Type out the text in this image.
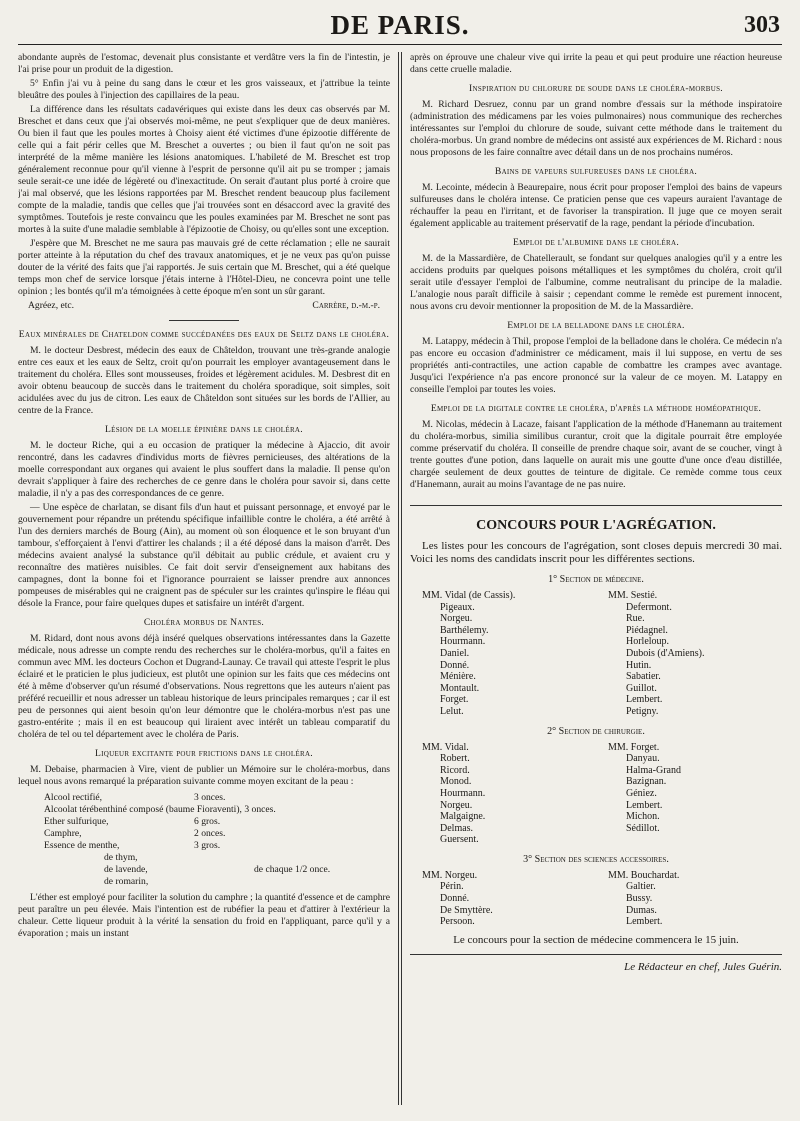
DE PARIS.	303

abondante auprès de l'estomac, devenait plus consistante et verdâtre vers la fin de l'intestin, je l'ai prise pour un produit de la digestion.

5° Enfin j'ai vu à peine du sang dans le cœur et les gros vaisseaux, et j'attribue la teinte bleuâtre des poules à l'injection des capillaires de la peau.

La différence dans les résultats cadavériques qui existe dans les deux cas observés par M. Breschet et dans ceux que j'ai observés moi-même, ne peut s'expliquer que de deux manières. Ou bien il faut que les poules mortes à Choisy aient été victimes d'une épizootie différente de celle qui a fait périr celles que M. Breschet a ouvertes ; ou bien il faut qu'on ne soit pas interprété de la même manière les lésions anatomiques. L'habileté de M. Breschet est trop généralement reconnue pour qu'il vienne à l'esprit de personne qu'il ait pu se tromper ; jamais seule serait-ce une idée de légèreté ou d'inexactitude. On serait d'autant plus porté à croire que j'ai mal observé, que les lésions rapportées par M. Breschet rendent beaucoup plus facilement compte de la maladie, tandis que celles que j'ai trouvées sont en désaccord avec la gravité des symptômes. Toutefois je reste convaincu que les poules examinées par M. Breschet ne sont pas mortes à la suite d'une maladie semblable à l'épizootie de Choisy, ou qu'elles sont une exception.

J'espère que M. Breschet ne me saura pas mauvais gré de cette réclamation ; elle ne saurait porter atteinte à la réputation du chef des travaux anatomiques, et je ne veux pas qu'on puisse douter de la vérité des faits que j'ai rapportés. Je suis certain que M. Breschet, qui a été quelque temps mon chef de service lorsque j'étais interne à l'Hôtel-Dieu, ne concevra point une telle opinion ; les bontés qu'il m'a témoignées à cette époque m'en sont un sûr garant.

Agréez, etc.	Carrère, d.-m.-p.
Eaux minérales de Chateldon comme succédanées des eaux de Seltz dans le choléra.

M. le docteur Desbrest, médecin des eaux de Châteldon, trouvant une très-grande analogie entre ces eaux et les eaux de Seltz, croit qu'on pourrait les employer avantageusement dans le traitement du choléra. Elles sont mousseuses, froides et légèrement acidules. M. Desbrest dit en avoir obtenu beaucoup de succès dans le traitement du choléra sporadique, soit simples, soit acidulées avec du jus de citron. Les eaux de Châteldon sont situées sur les bords de l'Allier, au centre de la France.

Lésion de la moelle épinière dans le choléra.

M. le docteur Riche, qui a eu occasion de pratiquer la médecine à Ajaccio, dit avoir rencontré, dans les cadavres d'individus morts de fièvres pernicieuses, des altérations de la moelle correspondant aux organes qui avaient le plus souffert dans la maladie. Il pense qu'on devrait s'appliquer à faire des recherches de ce genre dans le choléra pour savoir si, dans cette maladie, il n'y a pas des correspondances de ce genre.

— Une espèce de charlatan, se disant fils d'un haut et puissant personnage, et envoyé par le gouvernement pour répandre un prétendu spécifique infaillible contre le choléra, a été arrêté à l'un des derniers marchés de Bourg (Ain), au moment où son éloquence et le son bruyant d'un tambour, s'efforçaient à l'envi d'attirer les chalands ; il a été déposé dans la maison d'arrêt. Des médecins avaient analysé la substance qu'il débitait au public crédule, et avaient cru y reconnaître des matières nuisibles. Ce fait doit servir d'enseignement aux habitans des campagnes, dont la bonne foi et l'ignorance pourraient se laisser prendre aux annonces pompeuses de misérables qui ne craignent pas de spéculer sur les craintes qu'inspire le fléau qui désole la France, pour faire quelques dupes et satisfaire un intérêt d'argent.

Choléra morbus de Nantes.

M. Ridard, dont nous avons déjà inséré quelques observations intéressantes dans la Gazette médicale, nous adresse un compte rendu des recherches sur le choléra-morbus, qu'il a faites en commun avec MM. les docteurs Cochon et Dugrand-Launay. Ce travail qui atteste l'esprit le plus éclairé et le praticien le plus judicieux, est plutôt une opinion sur les faits que ces médecins ont été à même d'observer qu'un résumé d'observations. Nous regrettons que les auteurs n'aient pas préféré recueillir et nous adresser un tableau historique de leurs principales remarques ; car il est peu de personnes qui aient besoin qu'on leur démontre que le choléra-morbus n'est pas une gastro-entérite ; mais il en est beaucoup qui liraient avec intérêt un tableau comparatif du choléra de tel ou tel département avec le choléra de Paris.

Liqueur excitante pour frictions dans le choléra.

M. Debaise, pharmacien à Vire, vient de publier un Mémoire sur le choléra-morbus, dans lequel nous avons remarqué la préparation suivante comme moyen excitant de la peau :

Alcool rectifié,	3 onces.
Alcoolat térébenthiné composé (baume Fioraventi), 3 onces.
Ether sulfurique,	6 gros.
Camphre,	2 onces.
Essence de menthe,	3 gros.
de thym,
de lavende,	de chaque 1/2 once.
de romarin,

L'éther est employé pour faciliter la solution du camphre ; la quantité d'essence et de camphre peut paraître un peu élevée. Mais l'intention est de rubéfier la peau et d'attirer à l'extérieur la chaleur. Cette liqueur produit à la vérité la sensation du froid en l'appliquant, parce qu'il y a évaporation ; mais un instant

après on éprouve une chaleur vive qui irrite la peau et qui peut produire une réaction heureuse dans cette cruelle maladie.

Inspiration du chlorure de soude dans le choléra-morbus.

M. Richard Desruez, connu par un grand nombre d'essais sur la méthode inspiratoire (administration des médicamens par les voies pulmonaires) nous communique des recherches intéressantes sur l'emploi du chlorure de soude, suivant cette méthode dans le traitement du choléra-morbus. Un grand nombre de médecins ont assisté aux expériences de M. Richard : nous nous proposons de les faire connaître avec détail dans un de nos prochains numéros.

Bains de vapeurs sulfureuses dans le choléra.

M. Lecointe, médecin à Beaurepaire, nous écrit pour proposer l'emploi des bains de vapeurs sulfureuses dans le choléra intense. Ce praticien pense que ces vapeurs auraient l'avantage de réchauffer la peau en l'irritant, et de favoriser la transpiration. Il juge que ce moyen serait également applicable au traitement préservatif de la rage, pendant la période d'incubation.

Emploi de l'albumine dans le choléra.

M. de la Massardière, de Chatellerault, se fondant sur quelques analogies qu'il y a entre les accidens produits par quelques poisons métalliques et les symptômes du choléra, croit qu'il serait utile d'essayer l'emploi de l'albumine, comme neutralisant du principe de la maladie. L'analogie nous paraît difficile à saisir ; cependant comme le remède est purement innocent, nous avons cru devoir mentionner la proposition de M. de la Massardière.

Emploi de la belladone dans le choléra.

M. Latappy, médecin à Thil, propose l'emploi de la belladone dans le choléra. Ce médecin n'a pas encore eu occasion d'administrer ce médicament, mais il lui suppose, en vertu de ses propriétés anti-contractiles, une action capable de combattre les crampes avec avantage. Jusqu'ici l'expérience n'a pas encore prononcé sur la valeur de ce moyen. M. Latappy en conseille l'emploi par toutes les voies.

Emploi de la digitale contre le choléra, d'après la méthode homéopathique.

M. Nicolas, médecin à Lacaze, faisant l'application de la méthode d'Hanemann au traitement du choléra-morbus, similia similibus curantur, croit que la digitale pourrait être employée comme préservatif du choléra. Il conseille de prendre chaque soir, avant de se coucher, vingt à trente gouttes d'une potion, dans laquelle on aurait mis une goutte d'une once d'eau distillée, chargée seulement de deux gouttes de teinture de digitale. Ce remède comme tous ceux d'Hanemann, aurait au moins l'avantage de ne pas nuire.

CONCOURS POUR L'AGRÉGATION.

Les listes pour les concours de l'agrégation, sont closes depuis mercredi 30 mai. Voici les noms des candidats inscrit pour les différentes sections.

1° Section de médecine.
MM. Vidal (de Cassis).
Pigeaux.
Norgeu.
Barthélemy.
Hourmann.
Daniel.
Donné.
Ménière.
Montault.
Forget.
Lelut.
MM. Sestié.
Defermont.
Rue.
Piédagnel.
Horleloup.
Dubois (d'Amiens).
Hutin.
Sabatier.
Guillot.
Lembert.
Petigny.
2° Section de chirurgie.
MM. Vidal.
Robert.
Ricord.
Monod.
Hourmann.
Norgeu.
Malgaigne.
Delmas.
Guersent.
MM. Forget.
Danyau.
Halma-Grand
Bazignan.
Géniez.
Lembert.
Michon.
Sédillot.
3° Section des sciences accessoires.
MM. Norgeu.
Périn.
Donné.
De Smyttère.
Persoon.
MM. Bouchardat.
Galtier.
Bussy.
Dumas.
Lembert.
Le concours pour la section de médecine commencera le 15 juin.
Le Rédacteur en chef, Jules Guérin.
